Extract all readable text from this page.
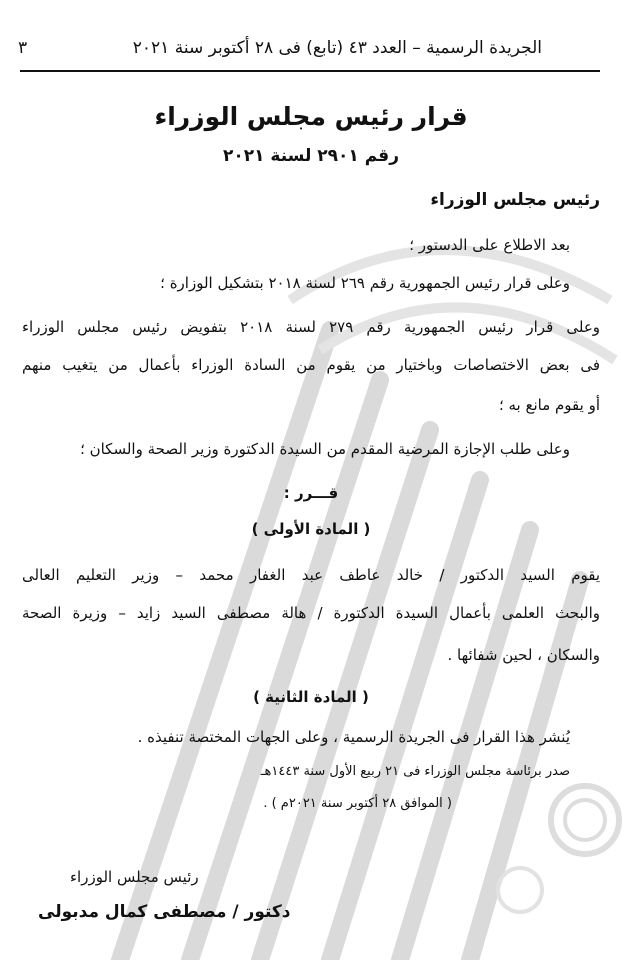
الجريدة الرسمية – العدد ٤٣ (تابع) فى ٢٨ أكتوبر سنة ٢٠٢١
٣
قرار رئيس مجلس الوزراء
رقم ٢٩٠١ لسنة ٢٠٢١
رئيس مجلس الوزراء
بعد الاطلاع على الدستور ؛
وعلى قرار رئيس الجمهورية رقم ٢٦٩ لسنة ٢٠١٨ بتشكيل الوزارة ؛
وعلى قرار رئيس الجمهورية رقم ٢٧٩ لسنة ٢٠١٨ بتفويض رئيس مجلس الوزراء
فى بعض الاختصاصات وباختيار من يقوم من السادة الوزراء بأعمال من يتغيب منهم
أو يقوم مانع به ؛
وعلى طلب الإجازة المرضية المقدم من السيدة الدكتورة وزير الصحة والسكان ؛
قـــرر :
( المادة الأولى )
يقوم السيد الدكتور / خالد عاطف عبد الغفار محمد – وزير التعليم العالى
والبحث العلمى بأعمال السيدة الدكتورة / هالة مصطفى السيد زايد – وزيرة الصحة
والسكان ، لحين شفائها .
( المادة الثانية )
يُنشر هذا القرار فى الجريدة الرسمية ، وعلى الجهات المختصة تنفيذه .
صدر برئاسة مجلس الوزراء فى ٢١ ربيع الأول سنة ١٤٤٣هـ
( الموافق ٢٨ أكتوبر سنة ٢٠٢١م ) .
رئيس مجلس الوزراء
دكتور / مصطفى كمال مدبولى
